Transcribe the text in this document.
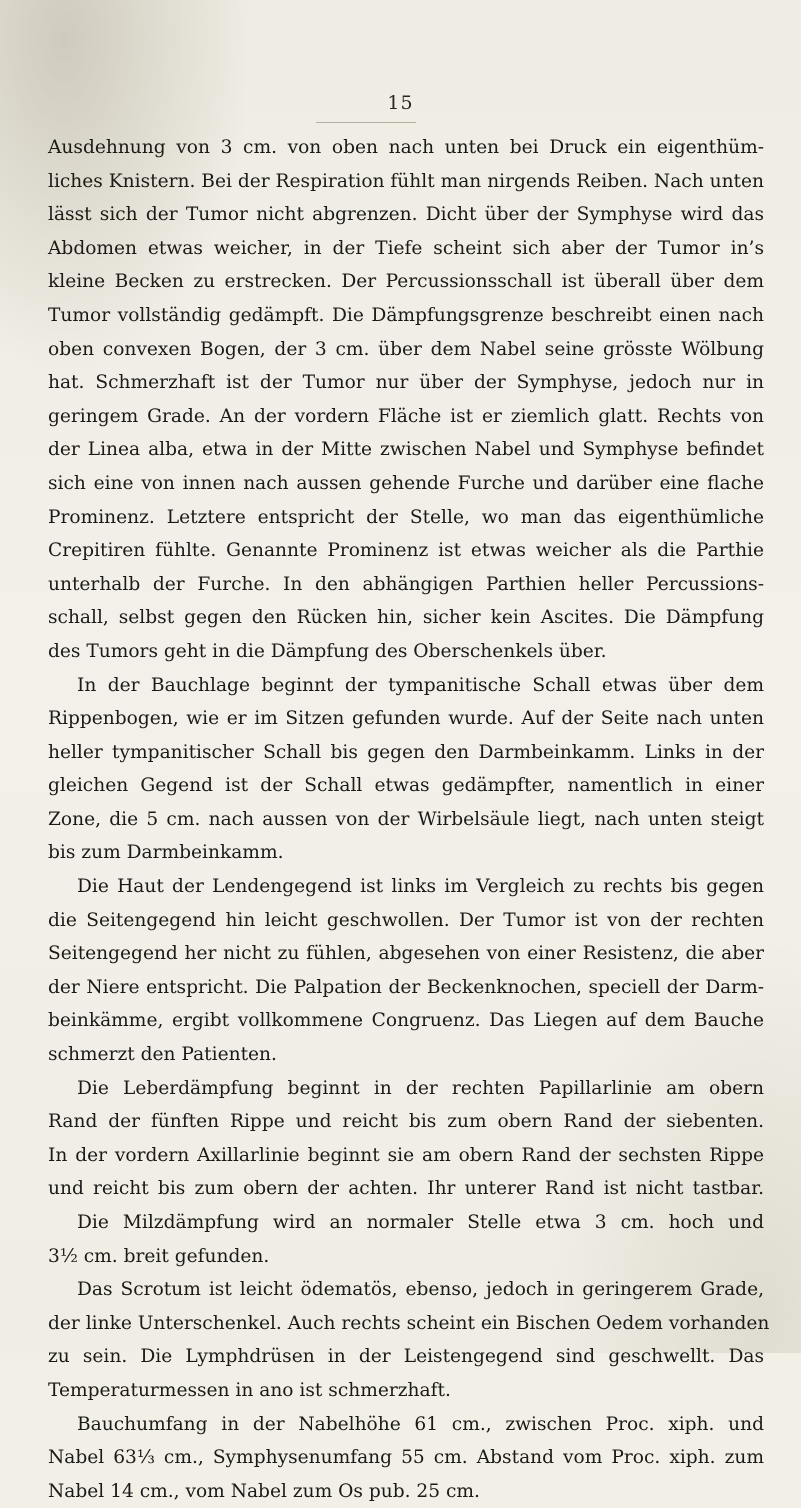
15
Ausdehnung von 3 cm. von oben nach unten bei Druck ein eigenthüm-
liches Knistern. Bei der Respiration fühlt man nirgends Reiben. Nach unten
lässt sich der Tumor nicht abgrenzen. Dicht über der Symphyse wird das
Abdomen etwas weicher, in der Tiefe scheint sich aber der Tumor in’s
kleine Becken zu erstrecken. Der Percussionsschall ist überall über dem
Tumor vollständig gedämpft. Die Dämpfungsgrenze beschreibt einen nach
oben convexen Bogen, der 3 cm. über dem Nabel seine grösste Wölbung
hat. Schmerzhaft ist der Tumor nur über der Symphyse, jedoch nur in
geringem Grade. An der vordern Fläche ist er ziemlich glatt. Rechts von
der Linea alba, etwa in der Mitte zwischen Nabel und Symphyse befindet
sich eine von innen nach aussen gehende Furche und darüber eine flache
Prominenz. Letztere entspricht der Stelle, wo man das eigenthümliche
Crepitiren fühlte. Genannte Prominenz ist etwas weicher als die Parthie
unterhalb der Furche. In den abhängigen Parthien heller Percussions-
schall, selbst gegen den Rücken hin, sicher kein Ascites. Die Dämpfung
des Tumors geht in die Dämpfung des Oberschenkels über.
In der Bauchlage beginnt der tympanitische Schall etwas über dem
Rippenbogen, wie er im Sitzen gefunden wurde. Auf der Seite nach unten
heller tympanitischer Schall bis gegen den Darmbeinkamm. Links in der
gleichen Gegend ist der Schall etwas gedämpfter, namentlich in einer
Zone, die 5 cm. nach aussen von der Wirbelsäule liegt, nach unten steigt
bis zum Darmbeinkamm.
Die Haut der Lendengegend ist links im Vergleich zu rechts bis gegen
die Seitengegend hin leicht geschwollen. Der Tumor ist von der rechten
Seitengegend her nicht zu fühlen, abgesehen von einer Resistenz, die aber
der Niere entspricht. Die Palpation der Beckenknochen, speciell der Darm-
beinkämme, ergibt vollkommene Congruenz. Das Liegen auf dem Bauche
schmerzt den Patienten.
Die Leberdämpfung beginnt in der rechten Papillarlinie am obern
Rand der fünften Rippe und reicht bis zum obern Rand der siebenten.
In der vordern Axillarlinie beginnt sie am obern Rand der sechsten Rippe
und reicht bis zum obern der achten. Ihr unterer Rand ist nicht tastbar.
Die Milzdämpfung wird an normaler Stelle etwa 3 cm. hoch und
3½ cm. breit gefunden.
Das Scrotum ist leicht ödematös, ebenso, jedoch in geringerem Grade,
der linke Unterschenkel. Auch rechts scheint ein Bischen Oedem vorhanden
zu sein. Die Lymphdrüsen in der Leistengegend sind geschwellt. Das
Temperaturmessen in ano ist schmerzhaft.
Bauchumfang in der Nabelhöhe 61 cm., zwischen Proc. xiph. und
Nabel 63⅓ cm., Symphysenumfang 55 cm. Abstand vom Proc. xiph. zum
Nabel 14 cm., vom Nabel zum Os pub. 25 cm.
